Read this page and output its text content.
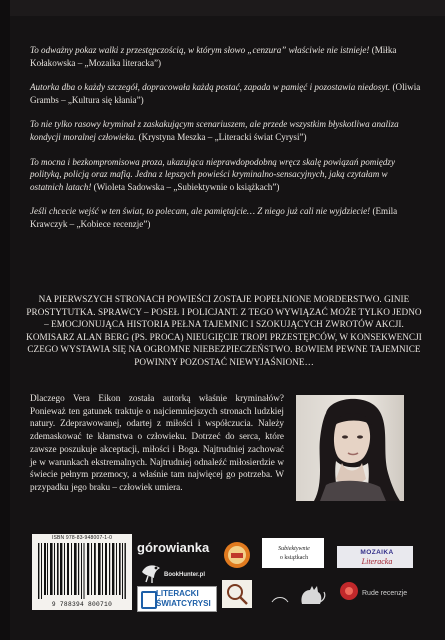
To odważny pokaz walki z przestępczością, w którym słowo „cenzura” właściwie nie istnieje! (Miłka Kołakowska – „Mozaika literacka”)

Autorka dba o każdy szczegół, dopracowała każdą postać, zapada w pamięć i pozostawia niedosyt. (Oliwia Grambs – „Kultura się kłania”)

To nie tylko rasowy kryminał z zaskakującym scenariuszem, ale przede wszystkim błyskotliwa analiza kondycji moralnej człowieka. (Krystyna Meszka – „Literacki świat Cyrysi”)

To mocna i bezkompromisowa proza, ukazująca nieprawdopodobną wręcz skalę powiązań pomiędzy polityką, policją oraz mafią. Jedna z lepszych powieści kryminalno-sensacyjnych, jaką czytałam w ostatnich latach! (Wioleta Sadowska – „Subiektywnie o książkach”)

Jeśli chcecie wejść w ten świat, to polecam, ale pamiętajcie… Z niego już cali nie wyjdziecie! (Emila Krawczyk – „Kobiece recenzje”)

NA PIERWSZYCH STRONACH POWIEŚCI ZOSTAJE POPEŁNIONE MORDERSTWO. GINIE PROSTYTUTKA. SPRAWCY – POSEŁ I POLICJANT. Z TEGO WYWIĄZAĆ MOŻE TYLKO JEDNO – EMOCJONUJĄCA HISTORIA PEŁNA TAJEMNIC I SZOKUJĄCYCH ZWROTÓW AKCJI. KOMISARZ ALAN BERG (PS. PROCA) NIEUGIĘCIE TROPI PRZESTĘPCÓW, W KONSEKWENCJI CZEGO WYSTAWIA SIĘ NA OGROMNE NIEBEZPIECZEŃSTWO. BOWIEM PEWNE TAJEMNICE POWINNY POZOSTAĆ NIEWYJAŚNIONE…
Dlaczego Vera Eikon została autorką właśnie kryminałów? Ponieważ ten gatunek traktuje o najciemniejszych stronach ludzkiej natury. Zdeprawowanej, odartej z miłości i współczucia. Należy zdemaskować te kłamstwa o człowieku. Dotrzeć do serca, które zawsze poszukuje akceptacji, miłości i Boga. Najtrudniej zachować je w warunkach ekstremalnych. Najtrudniej odnaleźć miłosierdzie w świecie pełnym przemocy, a właśnie tam najwięcej go potrzeba. W przypadku jego braku – człowiek umiera.
ISBN 978-83-948007-1-0
9 788394 800710
górowianka
BookHunter.pl
LITERACKI
ŚWIATCYRYSI
Subiektywnie
o książkach
MOZAIKA
Literacka
Rude recenzje
